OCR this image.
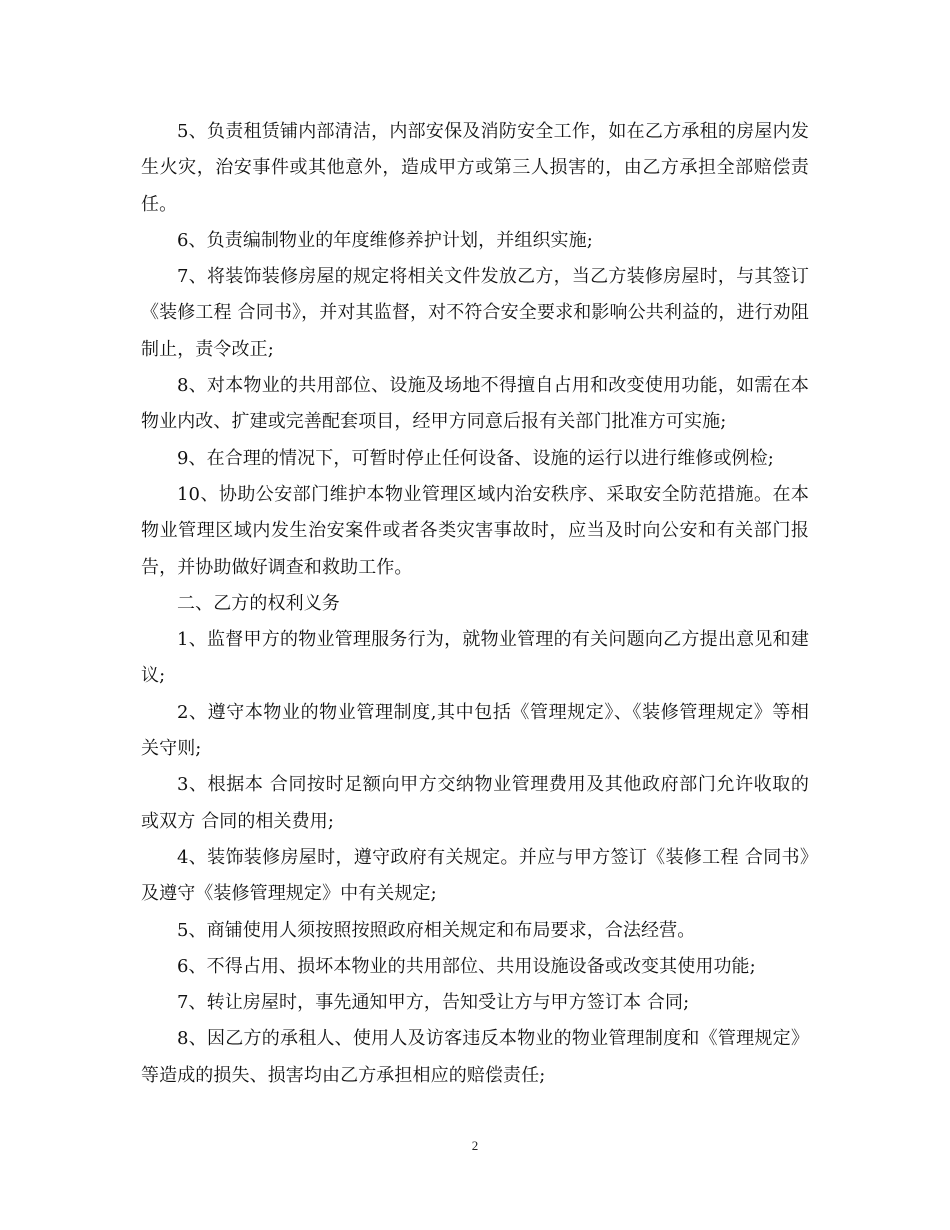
5、负责租赁铺内部清洁，内部安保及消防安全工作，如在乙方承租的房屋内发生火灾，治安事件或其他意外，造成甲方或第三人损害的，由乙方承担全部赔偿责任。

6、负责编制物业的年度维修养护计划，并组织实施;

7、将装饰装修房屋的规定将相关文件发放乙方，当乙方装修房屋时，与其签订《装修工程 合同书》，并对其监督，对不符合安全要求和影响公共利益的，进行劝阻制止，责令改正;

8、对本物业的共用部位、设施及场地不得擅自占用和改变使用功能，如需在本物业内改、扩建或完善配套项目，经甲方同意后报有关部门批准方可实施;

9、在合理的情况下，可暂时停止任何设备、设施的运行以进行维修或例检;

10、协助公安部门维护本物业管理区域内治安秩序、采取安全防范措施。在本物业管理区域内发生治安案件或者各类灾害事故时，应当及时向公安和有关部门报告，并协助做好调查和救助工作。

二、乙方的权利义务

1、监督甲方的物业管理服务行为，就物业管理的有关问题向乙方提出意见和建议;

2、遵守本物业的物业管理制度,其中包括《管理规定》、《装修管理规定》等相关守则;

3、根据本 合同按时足额向甲方交纳物业管理费用及其他政府部门允许收取的或双方 合同的相关费用;

4、装饰装修房屋时，遵守政府有关规定。并应与甲方签订《装修工程 合同书》及遵守《装修管理规定》中有关规定;

5、商铺使用人须按照按照政府相关规定和布局要求，合法经营。

6、不得占用、损坏本物业的共用部位、共用设施设备或改变其使用功能;

7、转让房屋时，事先通知甲方，告知受让方与甲方签订本 合同;

8、因乙方的承租人、使用人及访客违反本物业的物业管理制度和《管理规定》等造成的损失、损害均由乙方承担相应的赔偿责任;

2
